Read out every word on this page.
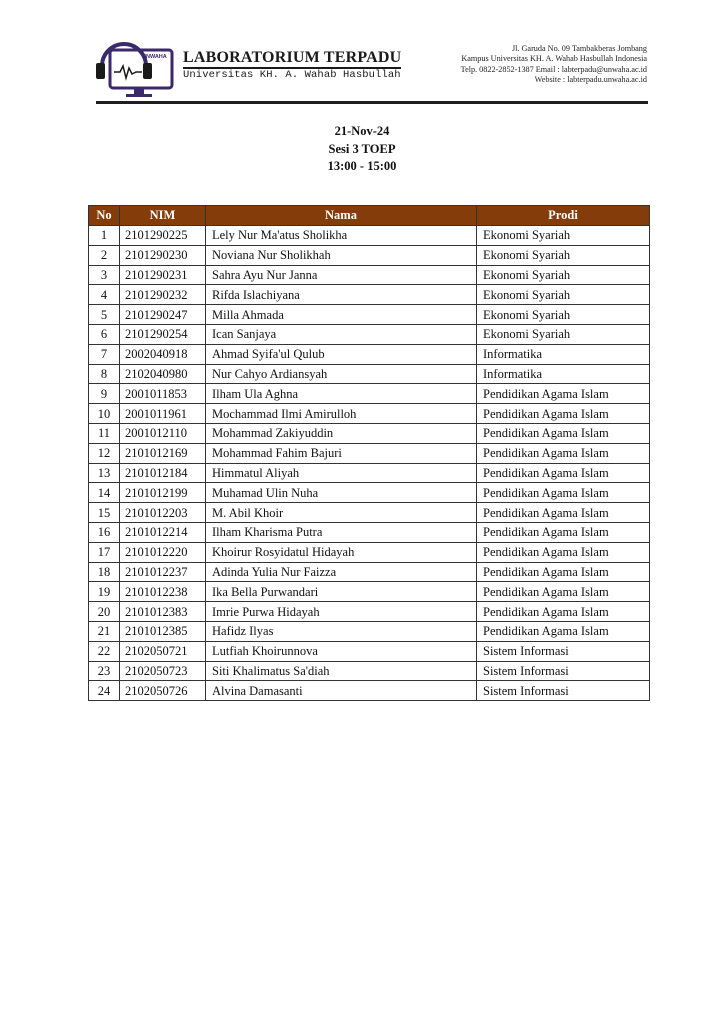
UNWAHA LABORATORIUM TERPADU
Universitas KH. A. Wahab Hasbullah
Jl. Garuda No. 09 Tambakberas Jombang
Kampus Universitas KH. A. Wahab Hasbullah Indonesia
Telp. 0822-2852-1387 Email : labterpadu@unwaha.ac.id
Website : labterpadu.unwaha.ac.id
21-Nov-24
Sesi 3 TOEP
13:00 - 15:00
No	NIM	Nama	Prodi
1	2101290225	Lely Nur Ma'atus Sholikha	Ekonomi Syariah
2	2101290230	Noviana Nur Sholikhah	Ekonomi Syariah
3	2101290231	Sahra Ayu Nur Janna	Ekonomi Syariah
4	2101290232	Rifda Islachiyana	Ekonomi Syariah
5	2101290247	Milla Ahmada	Ekonomi Syariah
6	2101290254	Ican Sanjaya	Ekonomi Syariah
7	2002040918	Ahmad Syifa'ul Qulub	Informatika
8	2102040980	Nur Cahyo Ardiansyah	Informatika
9	2001011853	Ilham Ula Aghna	Pendidikan Agama Islam
10	2001011961	Mochammad Ilmi Amirulloh	Pendidikan Agama Islam
11	2001012110	Mohammad Zakiyuddin	Pendidikan Agama Islam
12	2101012169	Mohammad Fahim Bajuri	Pendidikan Agama Islam
13	2101012184	Himmatul Aliyah	Pendidikan Agama Islam
14	2101012199	Muhamad Ulin Nuha	Pendidikan Agama Islam
15	2101012203	M. Abil Khoir	Pendidikan Agama Islam
16	2101012214	Ilham Kharisma Putra	Pendidikan Agama Islam
17	2101012220	Khoirur Rosyidatul Hidayah	Pendidikan Agama Islam
18	2101012237	Adinda Yulia Nur Faizza	Pendidikan Agama Islam
19	2101012238	Ika Bella Purwandari	Pendidikan Agama Islam
20	2101012383	Imrie Purwa Hidayah	Pendidikan Agama Islam
21	2101012385	Hafidz Ilyas	Pendidikan Agama Islam
22	2102050721	Lutfiah Khoirunnova	Sistem Informasi
23	2102050723	Siti Khalimatus Sa'diah	Sistem Informasi
24	2102050726	Alvina Damasanti	Sistem Informasi
